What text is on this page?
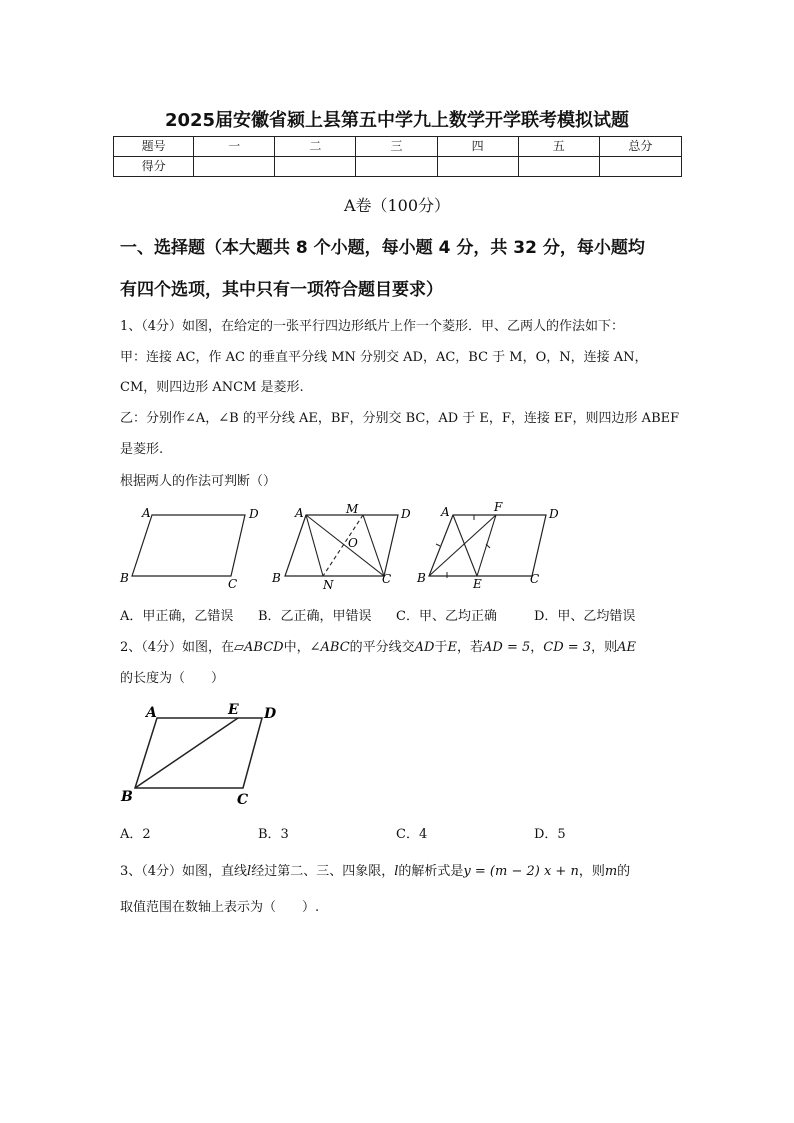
2025届安徽省颍上县第五中学九上数学开学联考模拟试题
题号	一	二	三	四	五	总分
得分						
A卷（100分）
一、选择题（本大题共 8 个小题，每小题 4 分，共 32 分，每小题均
有四个选项，其中只有一项符合题目要求）
1、（4分）如图，在给定的一张平行四边形纸片上作一个菱形．甲、乙两人的作法如下：
甲：连接 AC，作 AC 的垂直平分线 MN 分别交 AD，AC，BC 于 M，O，N，连接 AN，
CM，则四边形 ANCM 是菱形.
乙：分别作∠A，∠B 的平分线 AE，BF，分别交 BC，AD 于 E，F，连接 EF，则四边形 ABEF
是菱形.
根据两人的作法可判断（）
A	D
B	C
A	D
M
O
B	N	C
A	F	D
B	E	C
A．甲正确，乙错误 B．乙正确，甲错误 C．甲、乙均正确	D．甲、乙均错误
2、（4分）如图，在▱ABCD中，∠ABC的平分线交AD于E，若AD = 5，CD = 3，则AE
的长度为（　　）
A	E D
B	C
A．2	B．3	C．4	D．5
3、（4分）如图，直线l经过第二、三、四象限，l的解析式是y = (m − 2) x + n，则m的
取值范围在数轴上表示为（　　）.
